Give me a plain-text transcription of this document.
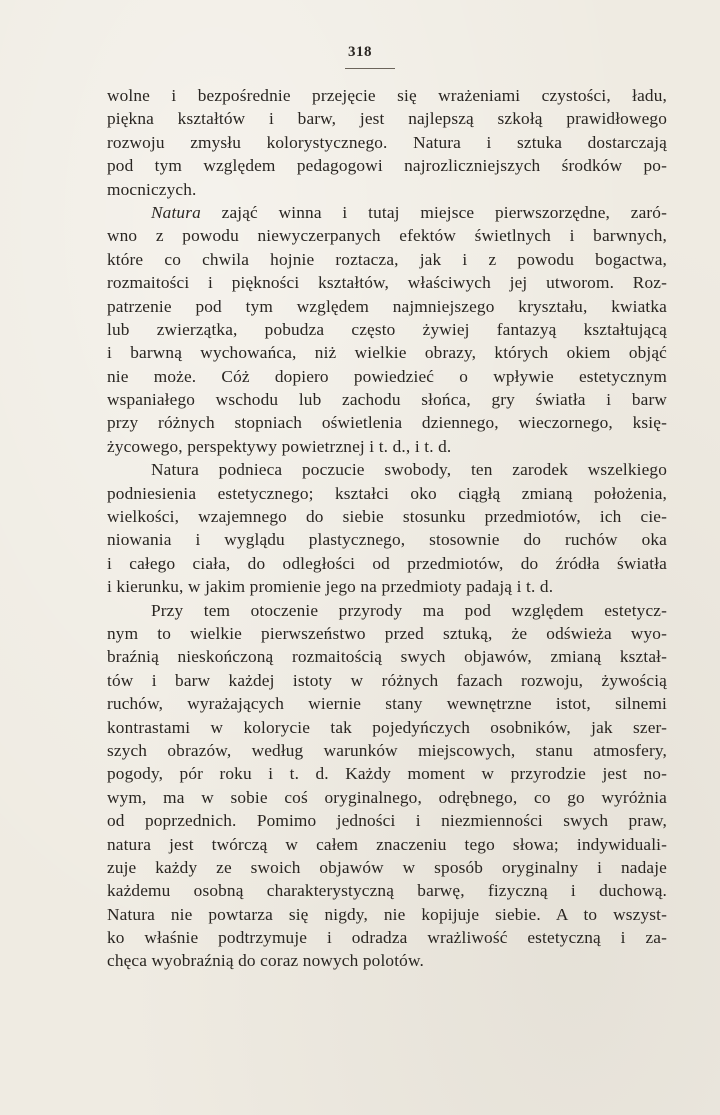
318
wolne i bezpośrednie przejęcie się wrażeniami czystości, ładu,
piękna kształtów i barw, jest najlepszą szkołą prawidłowego
rozwoju zmysłu kolorystycznego. Natura i sztuka dostarczają
pod tym względem pedagogowi najrozliczniejszych środków po-
mocniczych.
Natura zająć winna i tutaj miejsce pierwszorzędne, zaró-
wno z powodu niewyczerpanych efektów świetlnych i barwnych,
które co chwila hojnie roztacza, jak i z powodu bogactwa,
rozmaitości i piękności kształtów, właściwych jej utworom. Roz-
patrzenie pod tym względem najmniejszego kryształu, kwiatka
lub zwierzątka, pobudza często żywiej fantazyą kształtującą
i barwną wychowańca, niż wielkie obrazy, których okiem objąć
nie może. Cóż dopiero powiedzieć o wpływie estetycznym
wspaniałego wschodu lub zachodu słońca, gry światła i barw
przy różnych stopniach oświetlenia dziennego, wieczornego, księ-
życowego, perspektywy powietrznej i t. d., i t. d.
Natura podnieca poczucie swobody, ten zarodek wszelkiego
podniesienia estetycznego; kształci oko ciągłą zmianą położenia,
wielkości, wzajemnego do siebie stosunku przedmiotów, ich cie-
niowania i wyglądu plastycznego, stosownie do ruchów oka
i całego ciała, do odległości od przedmiotów, do źródła światła
i kierunku, w jakim promienie jego na przedmioty padają i t. d.
Przy tem otoczenie przyrody ma pod względem estetycz-
nym to wielkie pierwszeństwo przed sztuką, że odświeża wyo-
braźnią nieskończoną rozmaitością swych objawów, zmianą kształ-
tów i barw każdej istoty w różnych fazach rozwoju, żywością
ruchów, wyrażających wiernie stany wewnętrzne istot, silnemi
kontrastami w kolorycie tak pojedyńczych osobników, jak szer-
szych obrazów, według warunków miejscowych, stanu atmosfery,
pogody, pór roku i t. d. Każdy moment w przyrodzie jest no-
wym, ma w sobie coś oryginalnego, odrębnego, co go wyróżnia
od poprzednich. Pomimo jedności i niezmienności swych praw,
natura jest twórczą w całem znaczeniu tego słowa; indywiduali-
zuje każdy ze swoich objawów w sposób oryginalny i nadaje
każdemu osobną charakterystyczną barwę, fizyczną i duchową.
Natura nie powtarza się nigdy, nie kopijuje siebie. A to wszyst-
ko właśnie podtrzymuje i odradza wrażliwość estetyczną i za-
chęca wyobraźnią do coraz nowych polotów.
